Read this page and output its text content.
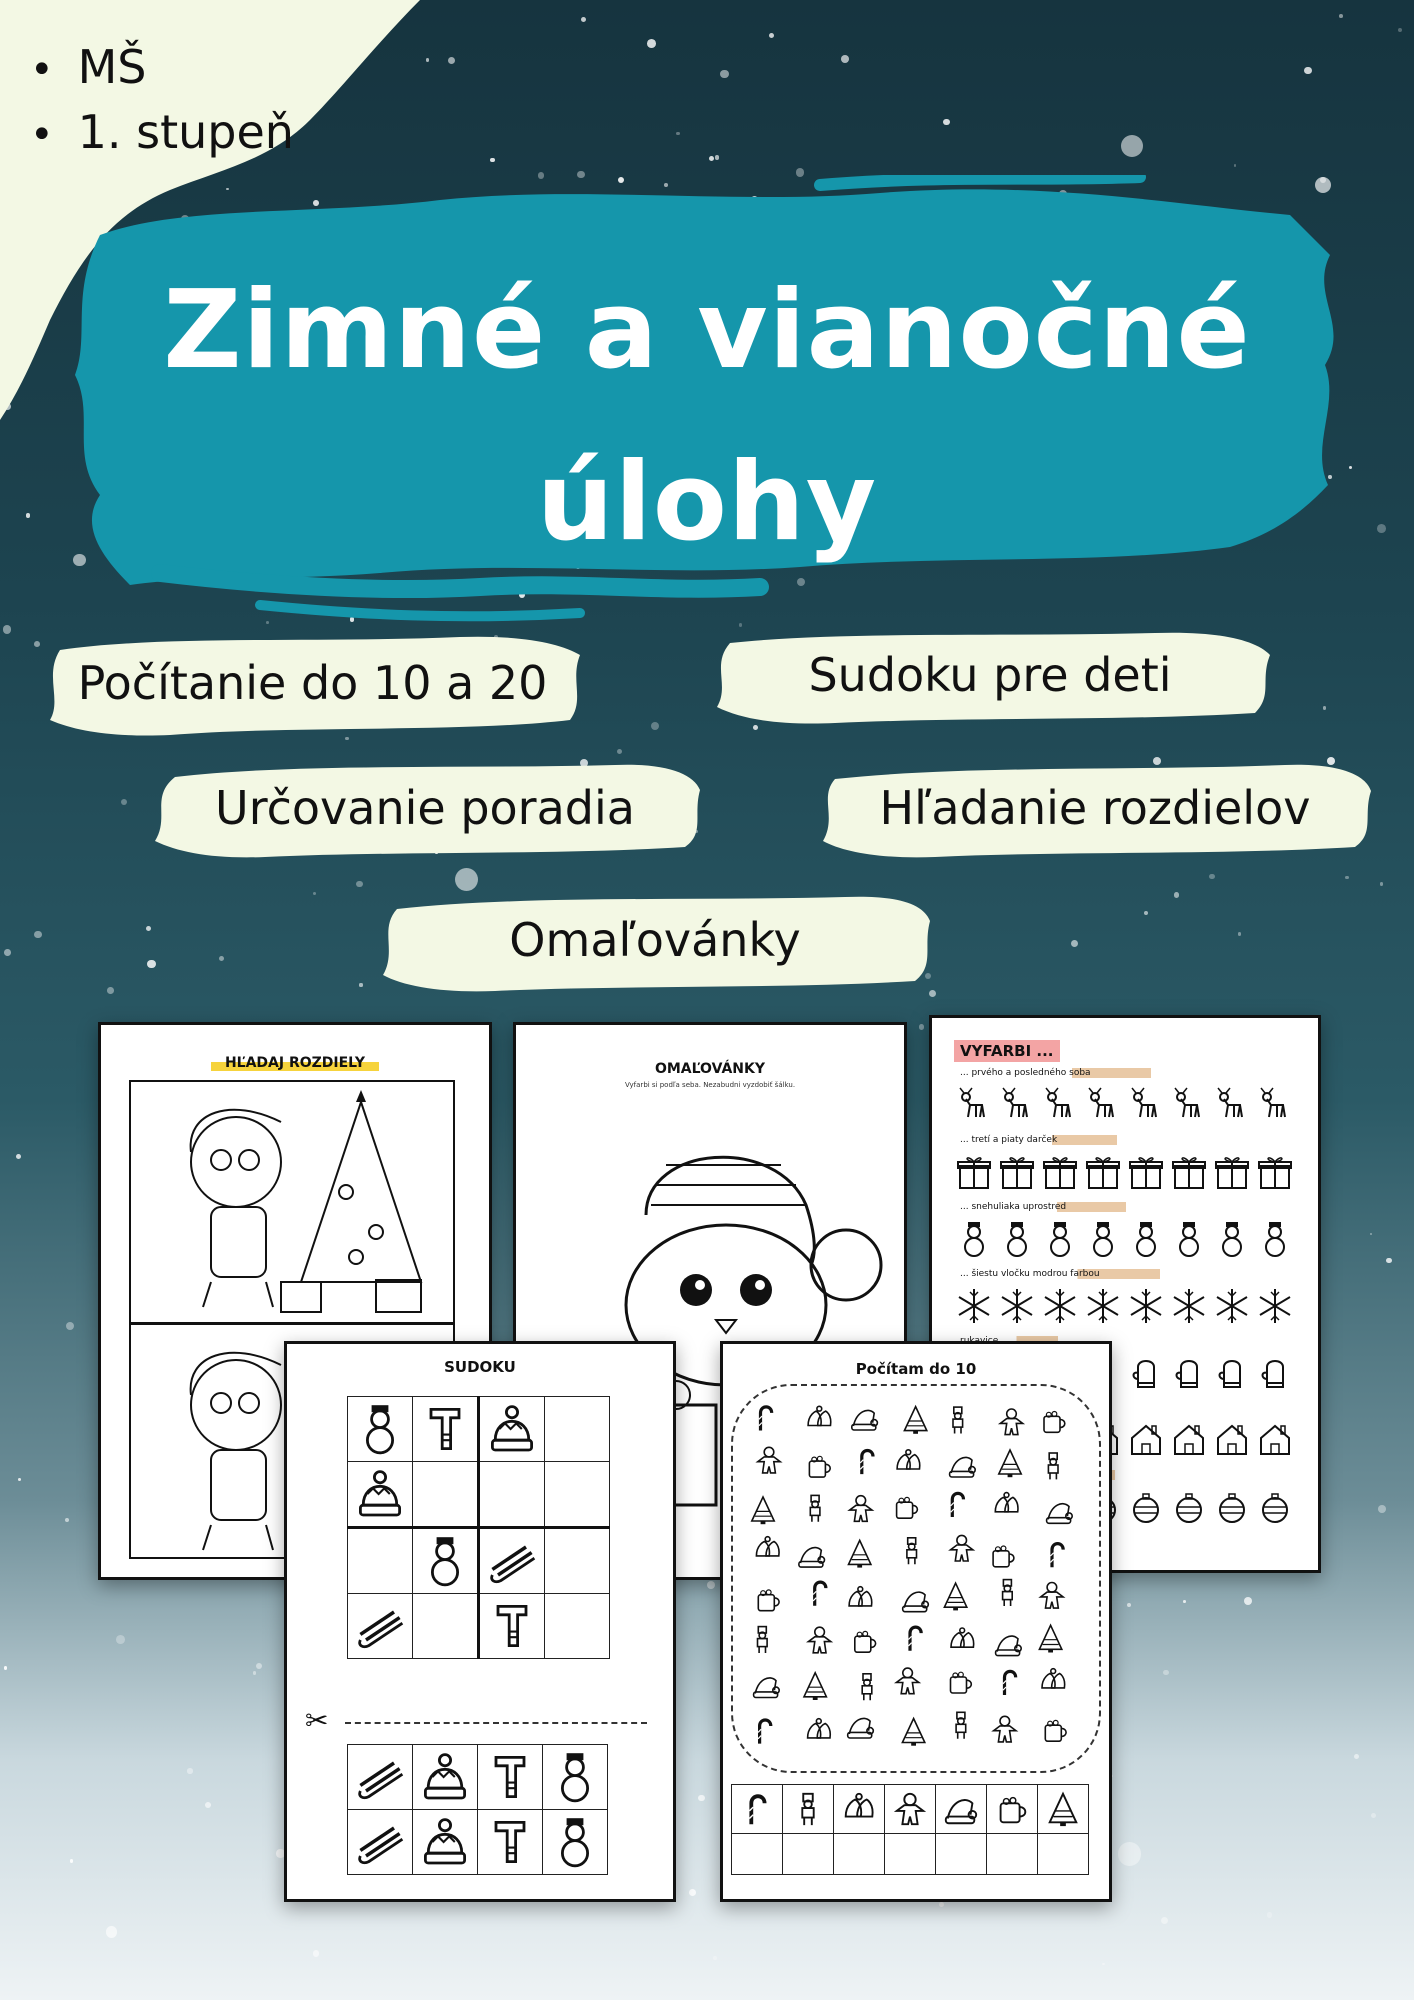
• MŠ
• 1. stupeň
Zimné a vianočné
úlohy
Počítanie do 10 a 20	Sudoku pre deti
Určovanie poradia	Hľadanie rozdielov
Omaľovánky
HĽADAJ ROZDIELY	OMAĽOVÁNKY
Vyfarbi si podľa seba. Nezabudni vyzdobiť šálku.
VYFARBI ...
... prvého a posledného soba
... tretí a piaty darček
... snehuliaka uprostred
... šiestu vločku modrou farbou
SUDOKU

✂

Počítam do 10
